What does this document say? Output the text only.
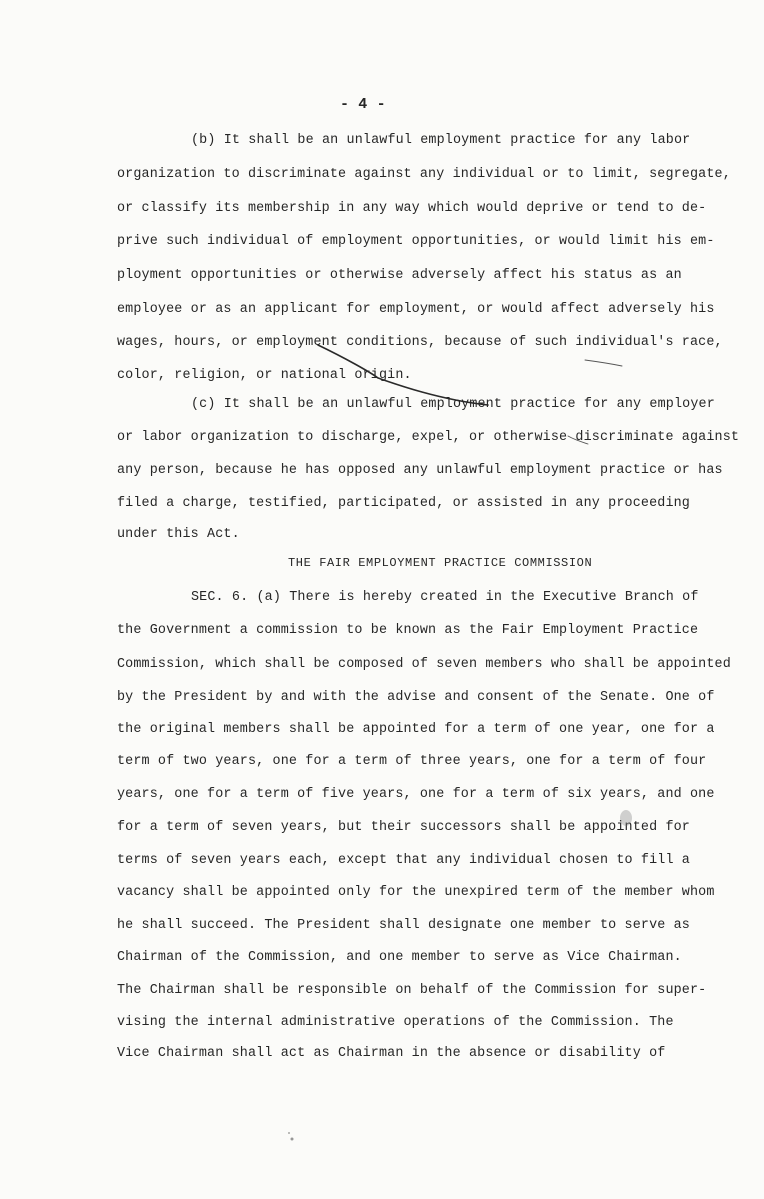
- 4 -
(b) It shall be an unlawful employment practice for any labor
organization to discriminate against any individual or to limit, segregate,
or classify its membership in any way which would deprive or tend to de-
prive such individual of employment opportunities, or would limit his em-
ployment opportunities or otherwise adversely affect his status as an
employee or as an applicant for employment, or would affect adversely his
wages, hours, or employment conditions, because of such individual's race,
color, religion, or national origin.
(c) It shall be an unlawful employment practice for any employer
or labor organization to discharge, expel, or otherwise discriminate against
any person, because he has opposed any unlawful employment practice or has
filed a charge, testified, participated, or assisted in any proceeding
under this Act.
THE FAIR EMPLOYMENT PRACTICE COMMISSION
SEC. 6. (a) There is hereby created in the Executive Branch of
the Government a commission to be known as the Fair Employment Practice
Commission, which shall be composed of seven members who shall be appointed
by the President by and with the advise and consent of the Senate. One of
the original members shall be appointed for a term of one year, one for a
term of two years, one for a term of three years, one for a term of four
years, one for a term of five years, one for a term of six years, and one
for a term of seven years, but their successors shall be appointed for
terms of seven years each, except that any individual chosen to fill a
vacancy shall be appointed only for the unexpired term of the member whom
he shall succeed. The President shall designate one member to serve as
Chairman of the Commission, and one member to serve as Vice Chairman.
The Chairman shall be responsible on behalf of the Commission for super-
vising the internal administrative operations of the Commission. The
Vice Chairman shall act as Chairman in the absence or disability of
